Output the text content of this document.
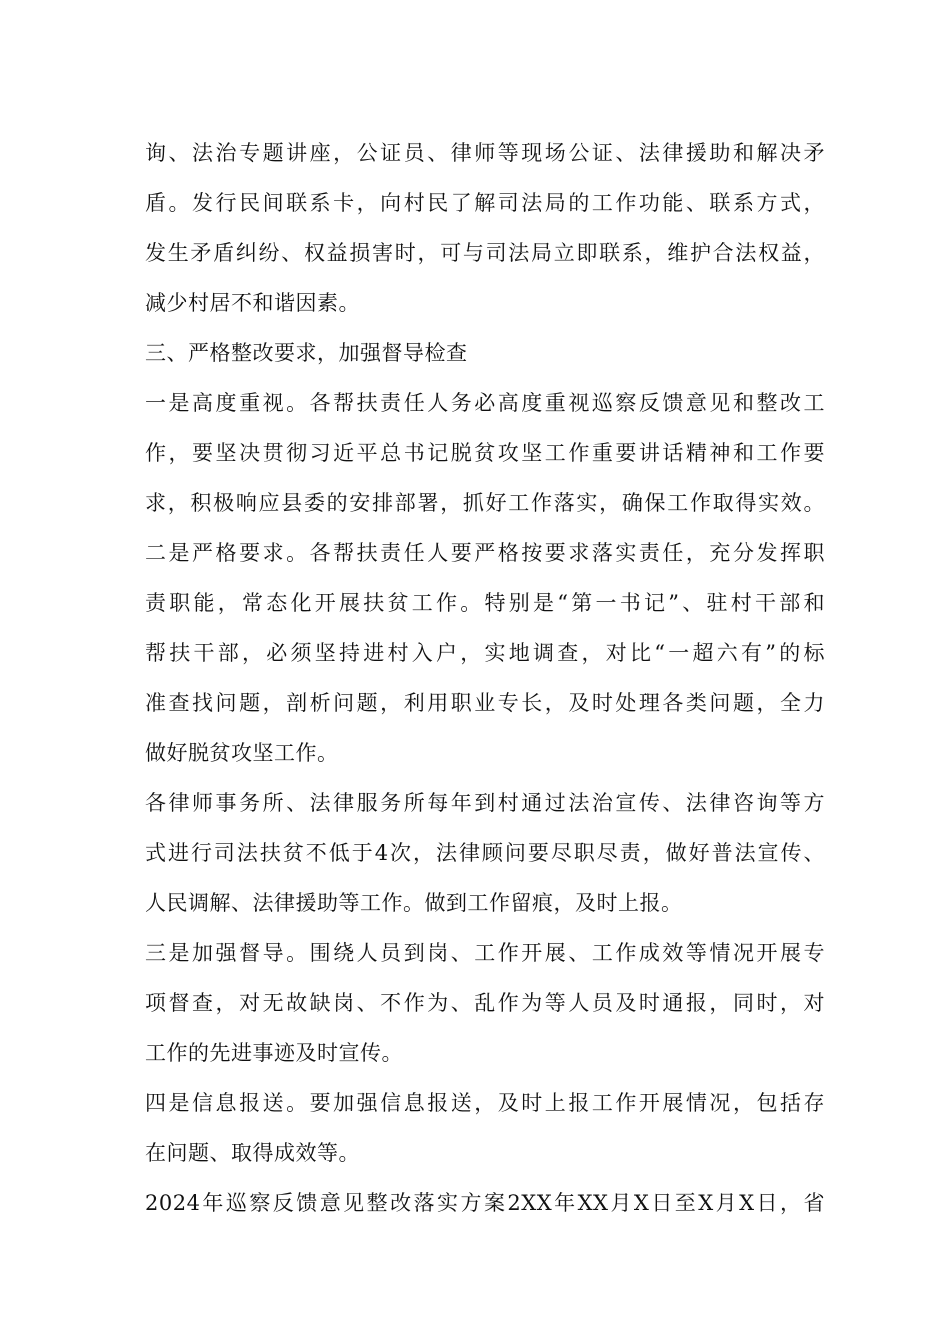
询、法治专题讲座，公证员、律师等现场公证、法律援助和解决矛
盾。发行民间联系卡，向村民了解司法局的工作功能、联系方式，
发生矛盾纠纷、权益损害时，可与司法局立即联系，维护合法权益，
减少村居不和谐因素。
三、严格整改要求，加强督导检查
一是高度重视。各帮扶责任人务必高度重视巡察反馈意见和整改工
作，要坚决贯彻习近平总书记脱贫攻坚工作重要讲话精神和工作要
求，积极响应县委的安排部署，抓好工作落实，确保工作取得实效。
二是严格要求。各帮扶责任人要严格按要求落实责任，充分发挥职
责职能，常态化开展扶贫工作。特别是“第一书记”、驻村干部和
帮扶干部，必须坚持进村入户，实地调查，对比“一超六有”的标
准查找问题，剖析问题，利用职业专长，及时处理各类问题，全力
做好脱贫攻坚工作。
各律师事务所、法律服务所每年到村通过法治宣传、法律咨询等方
式进行司法扶贫不低于4次，法律顾问要尽职尽责，做好普法宣传、
人民调解、法律援助等工作。做到工作留痕，及时上报。
三是加强督导。围绕人员到岗、工作开展、工作成效等情况开展专
项督查，对无故缺岗、不作为、乱作为等人员及时通报，同时，对
工作的先进事迹及时宣传。
四是信息报送。要加强信息报送，及时上报工作开展情况，包括存
在问题、取得成效等。
2024年巡察反馈意见整改落实方案2XX年XX月X日至X月X日，省
